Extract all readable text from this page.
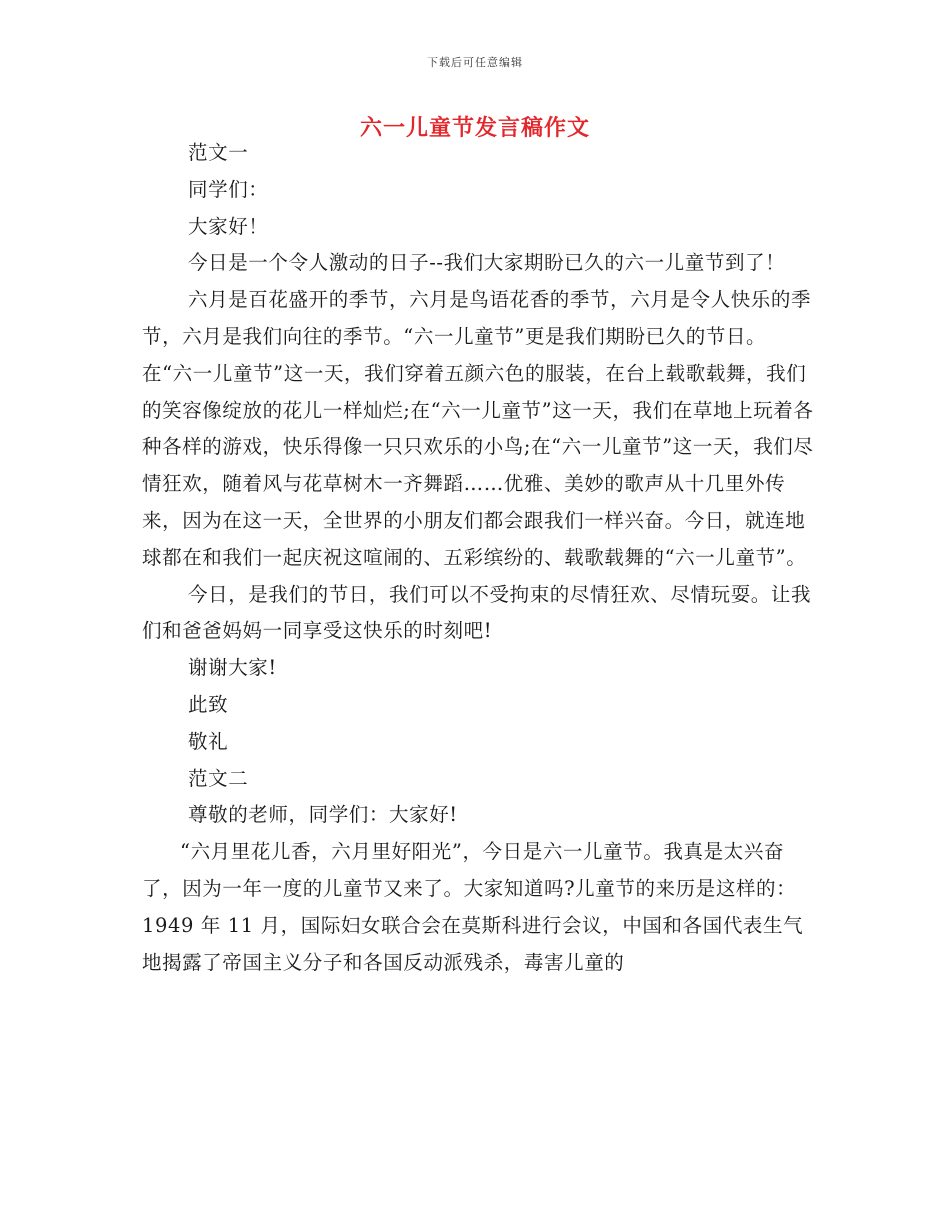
下载后可任意编辑
六一儿童节发言稿作文

范文一

同学们：

大家好！

今日是一个令人激动的日子--我们大家期盼已久的六一儿童节到了！

六月是百花盛开的季节，六月是鸟语花香的季节，六月是令人快乐的季节，六月是我们向往的季节。“六一儿童节”更是我们期盼已久的节日。在“六一儿童节”这一天，我们穿着五颜六色的服装，在台上载歌载舞，我们的笑容像绽放的花儿一样灿烂;在“六一儿童节”这一天，我们在草地上玩着各种各样的游戏，快乐得像一只只欢乐的小鸟;在“六一儿童节”这一天，我们尽情狂欢，随着风与花草树木一齐舞蹈……优雅、美妙的歌声从十几里外传来，因为在这一天，全世界的小朋友们都会跟我们一样兴奋。今日，就连地球都在和我们一起庆祝这喧闹的、五彩缤纷的、载歌载舞的“六一儿童节”。

今日，是我们的节日，我们可以不受拘束的尽情狂欢、尽情玩耍。让我们和爸爸妈妈一同享受这快乐的时刻吧!

谢谢大家!

此致

敬礼

范文二

尊敬的老师，同学们：大家好!

“六月里花儿香，六月里好阳光”，今日是六一儿童节。我真是太兴奋了，因为一年一度的儿童节又来了。大家知道吗?儿童节的来历是这样的：1949 年 11 月，国际妇女联合会在莫斯科进行会议，中国和各国代表生气地揭露了帝国主义分子和各国反动派残杀，毒害儿童的
